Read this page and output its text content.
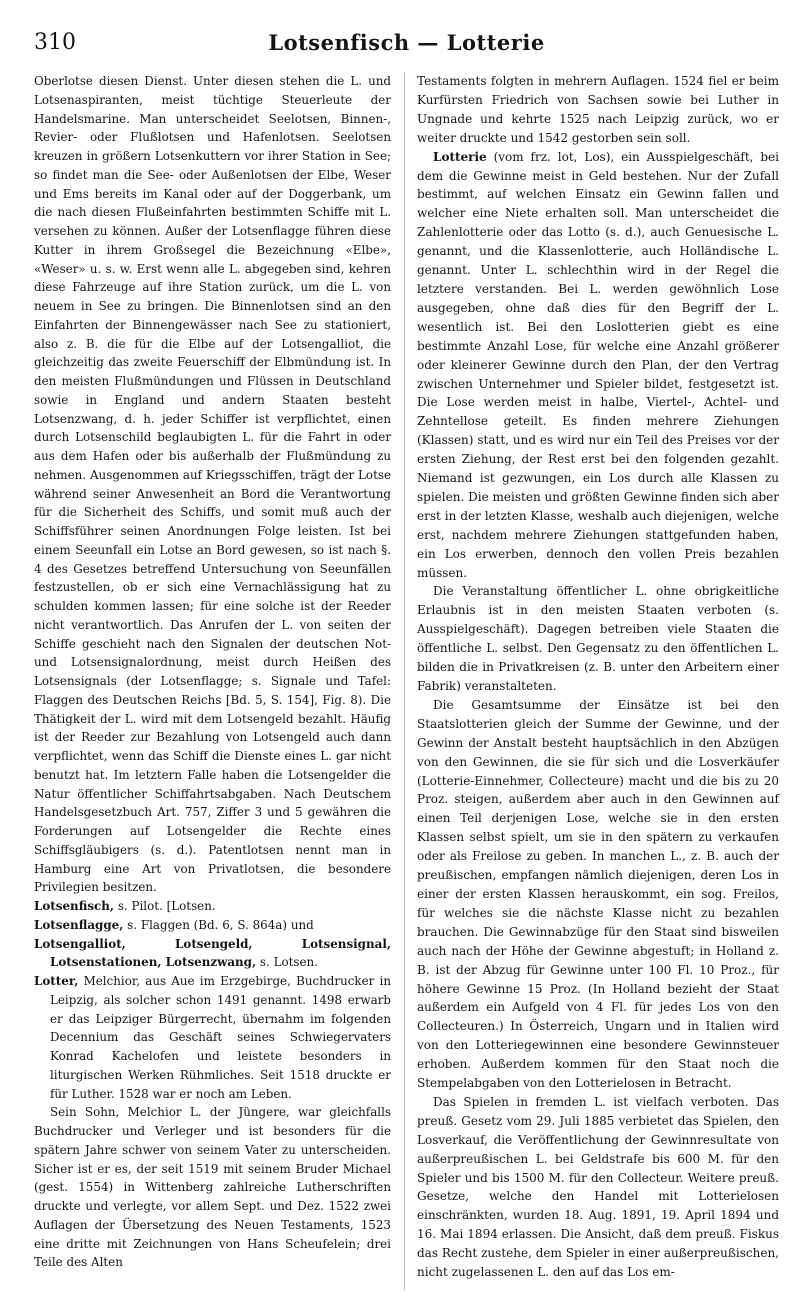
310	Lotsenfisch — Lotterie

Oberlotse diesen Dienst. Unter diesen stehen die L. und Lotsenaspiranten, meist tüchtige Steuerleute der Handelsmarine. Man unterscheidet Seelotsen, Binnen-, Revier- oder Flußlotsen und Hafenlotsen. Seelotsen kreuzen in größern Lotsenkuttern vor ihrer Station in See; so findet man die See- oder Außenlotsen der Elbe, Weser und Ems bereits im Kanal oder auf der Doggerbank, um die nach diesen Flußeinfahrten bestimmten Schiffe mit L. versehen zu können. Außer der Lotsenflagge führen diese Kutter in ihrem Großsegel die Bezeichnung «Elbe», «Weser» u. s. w. Erst wenn alle L. abgegeben sind, kehren diese Fahrzeuge auf ihre Station zurück, um die L. von neuem in See zu bringen. Die Binnenlotsen sind an den Einfahrten der Binnengewässer nach See zu stationiert, also z. B. die für die Elbe auf der Lotsengalliot, die gleichzeitig das zweite Feuerschiff der Elbmündung ist. In den meisten Flußmündungen und Flüssen in Deutschland sowie in England und andern Staaten besteht Lotsenzwang, d. h. jeder Schiffer ist verpflichtet, einen durch Lotsenschild beglaubigten L. für die Fahrt in oder aus dem Hafen oder bis außerhalb der Flußmündung zu nehmen. Ausgenommen auf Kriegsschiffen, trägt der Lotse während seiner Anwesenheit an Bord die Verantwortung für die Sicherheit des Schiffs, und somit muß auch der Schiffsführer seinen Anordnungen Folge leisten. Ist bei einem Seeunfall ein Lotse an Bord gewesen, so ist nach §. 4 des Gesetzes betreffend Untersuchung von Seeunfällen festzustellen, ob er sich eine Vernachlässigung hat zu schulden kommen lassen; für eine solche ist der Reeder nicht verantwortlich. Das Anrufen der L. von seiten der Schiffe geschieht nach den Signalen der deutschen Not- und Lotsensignalordnung, meist durch Heißen des Lotsensignals (der Lotsenflagge; s. Signale und Tafel: Flaggen des Deutschen Reichs [Bd. 5, S. 154], Fig. 8). Die Thätigkeit der L. wird mit dem Lotsengeld bezahlt. Häufig ist der Reeder zur Bezahlung von Lotsengeld auch dann verpflichtet, wenn das Schiff die Dienste eines L. gar nicht benutzt hat. Im letztern Falle haben die Lotsengelder die Natur öffentlicher Schiffahrtsabgaben. Nach Deutschem Handelsgesetzbuch Art. 757, Ziffer 3 und 5 gewähren die Forderungen auf Lotsengelder die Rechte eines Schiffsgläubigers (s. d.). Patentlotsen nennt man in Hamburg eine Art von Privatlotsen, die besondere Privilegien besitzen.

Lotsenfisch, s. Pilot. [Lotsen.

Lotsenflagge, s. Flaggen (Bd. 6, S. 864a) und

Lotsengalliot, Lotsengeld, Lotsensignal, Lotsenstationen, Lotsenzwang, s. Lotsen.

Lotter, Melchior, aus Aue im Erzgebirge, Buchdrucker in Leipzig, als solcher schon 1491 genannt. 1498 erwarb er das Leipziger Bürgerrecht, übernahm im folgenden Decennium das Geschäft seines Schwiegervaters Konrad Kachelofen und leistete besonders in liturgischen Werken Rühmliches. Seit 1518 druckte er für Luther. 1528 war er noch am Leben.

Sein Sohn, Melchior L. der Jüngere, war gleichfalls Buchdrucker und Verleger und ist besonders für die spätern Jahre schwer von seinem Vater zu unterscheiden. Sicher ist er es, der seit 1519 mit seinem Bruder Michael (gest. 1554) in Wittenberg zahlreiche Lutherschriften druckte und verlegte, vor allem Sept. und Dez. 1522 zwei Auflagen der Übersetzung des Neuen Testaments, 1523 eine dritte mit Zeichnungen von Hans Scheufelein; drei Teile des Alten

Testaments folgten in mehrern Auflagen. 1524 fiel er beim Kurfürsten Friedrich von Sachsen sowie bei Luther in Ungnade und kehrte 1525 nach Leipzig zurück, wo er weiter druckte und 1542 gestorben sein soll.

Lotterie (vom frz. lot, Los), ein Ausspielgeschäft, bei dem die Gewinne meist in Geld bestehen. Nur der Zufall bestimmt, auf welchen Einsatz ein Gewinn fallen und welcher eine Niete erhalten soll. Man unterscheidet die Zahlenlotterie oder das Lotto (s. d.), auch Genuesische L. genannt, und die Klassenlotterie, auch Holländische L. genannt. Unter L. schlechthin wird in der Regel die letztere verstanden. Bei L. werden gewöhnlich Lose ausgegeben, ohne daß dies für den Begriff der L. wesentlich ist. Bei den Loslotterien giebt es eine bestimmte Anzahl Lose, für welche eine Anzahl größerer oder kleinerer Gewinne durch den Plan, der den Vertrag zwischen Unternehmer und Spieler bildet, festgesetzt ist. Die Lose werden meist in halbe, Viertel-, Achtel- und Zehntellose geteilt. Es finden mehrere Ziehungen (Klassen) statt, und es wird nur ein Teil des Preises vor der ersten Ziehung, der Rest erst bei den folgenden gezahlt. Niemand ist gezwungen, ein Los durch alle Klassen zu spielen. Die meisten und größten Gewinne finden sich aber erst in der letzten Klasse, weshalb auch diejenigen, welche erst, nachdem mehrere Ziehungen stattgefunden haben, ein Los erwerben, dennoch den vollen Preis bezahlen müssen.

Die Veranstaltung öffentlicher L. ohne obrigkeitliche Erlaubnis ist in den meisten Staaten verboten (s. Ausspielgeschäft). Dagegen betreiben viele Staaten die öffentliche L. selbst. Den Gegensatz zu den öffentlichen L. bilden die in Privatkreisen (z. B. unter den Arbeitern einer Fabrik) veranstalteten.

Die Gesamtsumme der Einsätze ist bei den Staatslotterien gleich der Summe der Gewinne, und der Gewinn der Anstalt besteht hauptsächlich in den Abzügen von den Gewinnen, die sie für sich und die Losverkäufer (Lotterie-Einnehmer, Collecteure) macht und die bis zu 20 Proz. steigen, außerdem aber auch in den Gewinnen auf einen Teil derjenigen Lose, welche sie in den ersten Klassen selbst spielt, um sie in den spätern zu verkaufen oder als Freilose zu geben. In manchen L., z. B. auch der preußischen, empfangen nämlich diejenigen, deren Los in einer der ersten Klassen herauskommt, ein sog. Freilos, für welches sie die nächste Klasse nicht zu bezahlen brauchen. Die Gewinnabzüge für den Staat sind bisweilen auch nach der Höhe der Gewinne abgestuft; in Holland z. B. ist der Abzug für Gewinne unter 100 Fl. 10 Proz., für höhere Gewinne 15 Proz. (In Holland bezieht der Staat außerdem ein Aufgeld von 4 Fl. für jedes Los von den Collecteuren.) In Österreich, Ungarn und in Italien wird von den Lotteriegewinnen eine besondere Gewinnsteuer erhoben. Außerdem kommen für den Staat noch die Stempelabgaben von den Lotterielosen in Betracht.

Das Spielen in fremden L. ist vielfach verboten. Das preuß. Gesetz vom 29. Juli 1885 verbietet das Spielen, den Losverkauf, die Veröffentlichung der Gewinnresultate von außerpreußischen L. bei Geldstrafe bis 600 M. für den Spieler und bis 1500 M. für den Collecteur. Weitere preuß. Gesetze, welche den Handel mit Lotterielosen einschränkten, wurden 18. Aug. 1891, 19. April 1894 und 16. Mai 1894 erlassen. Die Ansicht, daß dem preuß. Fiskus das Recht zustehe, dem Spieler in einer außerpreußischen, nicht zugelassenen L. den auf das Los em-
